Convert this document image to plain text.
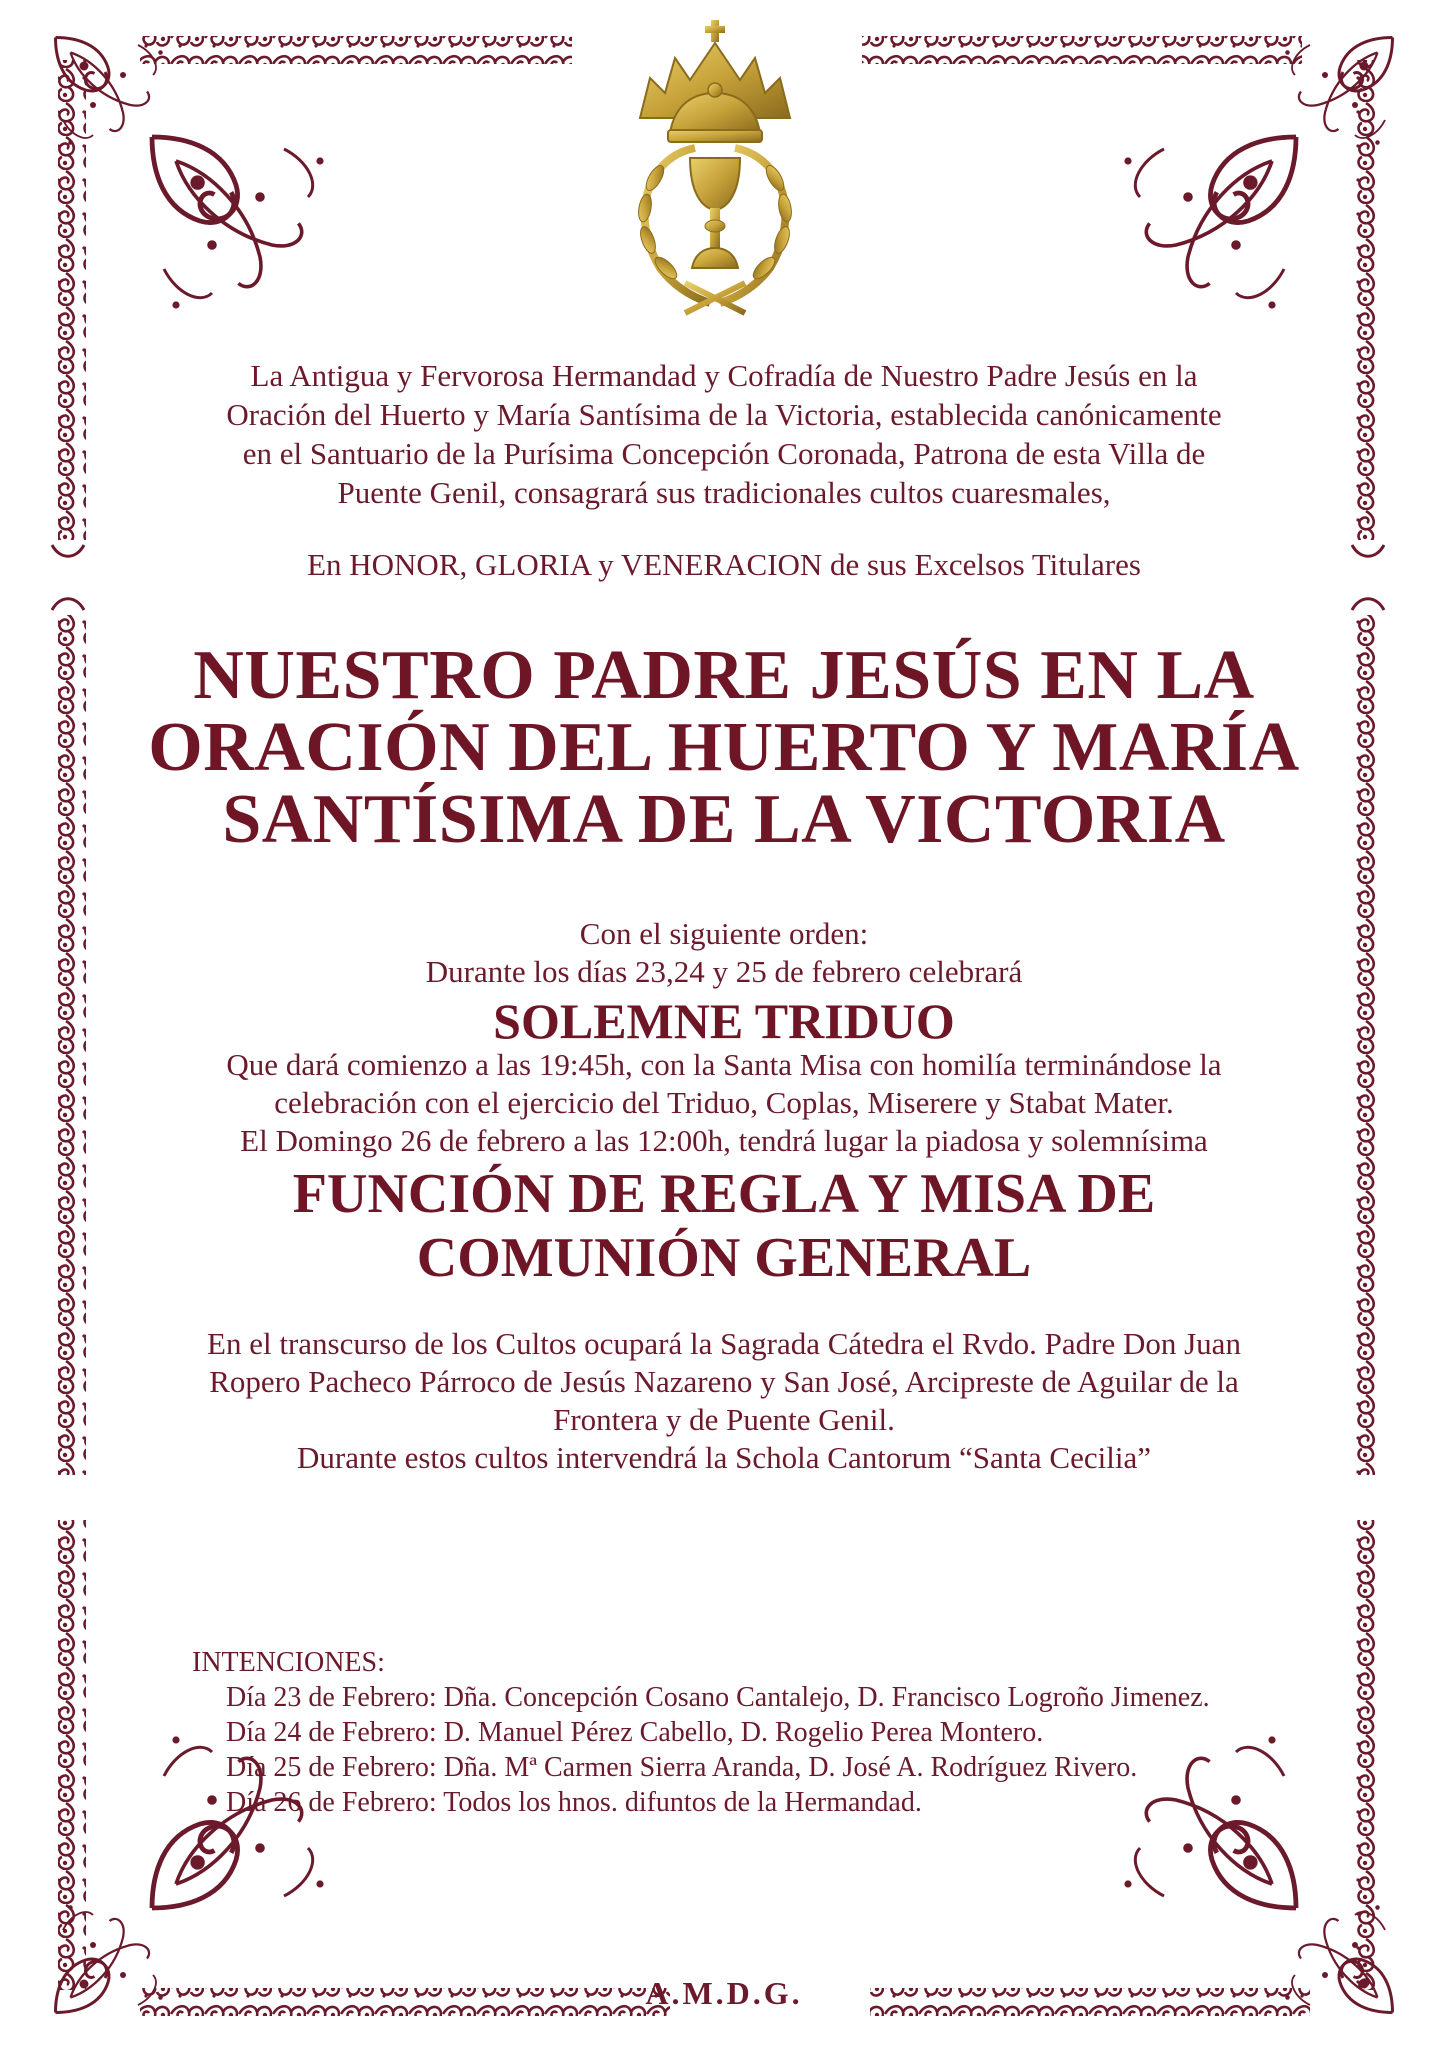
La Antigua y Fervorosa Hermandad y Cofradía de Nuestro Padre Jesús en la
Oración del Huerto y María Santísima de la Victoria, establecida canónicamente
en el Santuario de la Purísima Concepción Coronada, Patrona de esta Villa de
Puente Genil, consagrará sus tradicionales cultos cuaresmales,
En HONOR, GLORIA y VENERACION de sus Excelsos Titulares
NUESTRO PADRE JESÚS EN LA
ORACIÓN DEL HUERTO Y MARÍA
SANTÍSIMA DE LA VICTORIA
Con el siguiente orden:
Durante los días 23,24 y 25 de febrero celebrará
SOLEMNE TRIDUO
Que dará comienzo a las 19:45h, con la Santa Misa con homilía terminándose la
celebración con el ejercicio del Triduo, Coplas, Miserere y Stabat Mater.
El Domingo 26 de febrero a las 12:00h, tendrá lugar la piadosa y solemnísima
FUNCIÓN DE REGLA Y MISA DE
COMUNIÓN GENERAL
En el transcurso de los Cultos ocupará la Sagrada Cátedra el Rvdo. Padre Don Juan
Ropero Pacheco Párroco de Jesús Nazareno y San José, Arcipreste de Aguilar de la
Frontera y de Puente Genil.
Durante estos cultos intervendrá la Schola Cantorum “Santa Cecilia”
INTENCIONES:
Día 23 de Febrero: Dña. Concepción Cosano Cantalejo, D. Francisco Logroño Jimenez.
Día 24 de Febrero: D. Manuel Pérez Cabello, D. Rogelio Perea Montero.
Día 25 de Febrero: Dña. Mª Carmen Sierra Aranda, D. José A. Rodríguez Rivero.
Día 26 de Febrero: Todos los hnos. difuntos de la Hermandad.
A.M.D.G.
